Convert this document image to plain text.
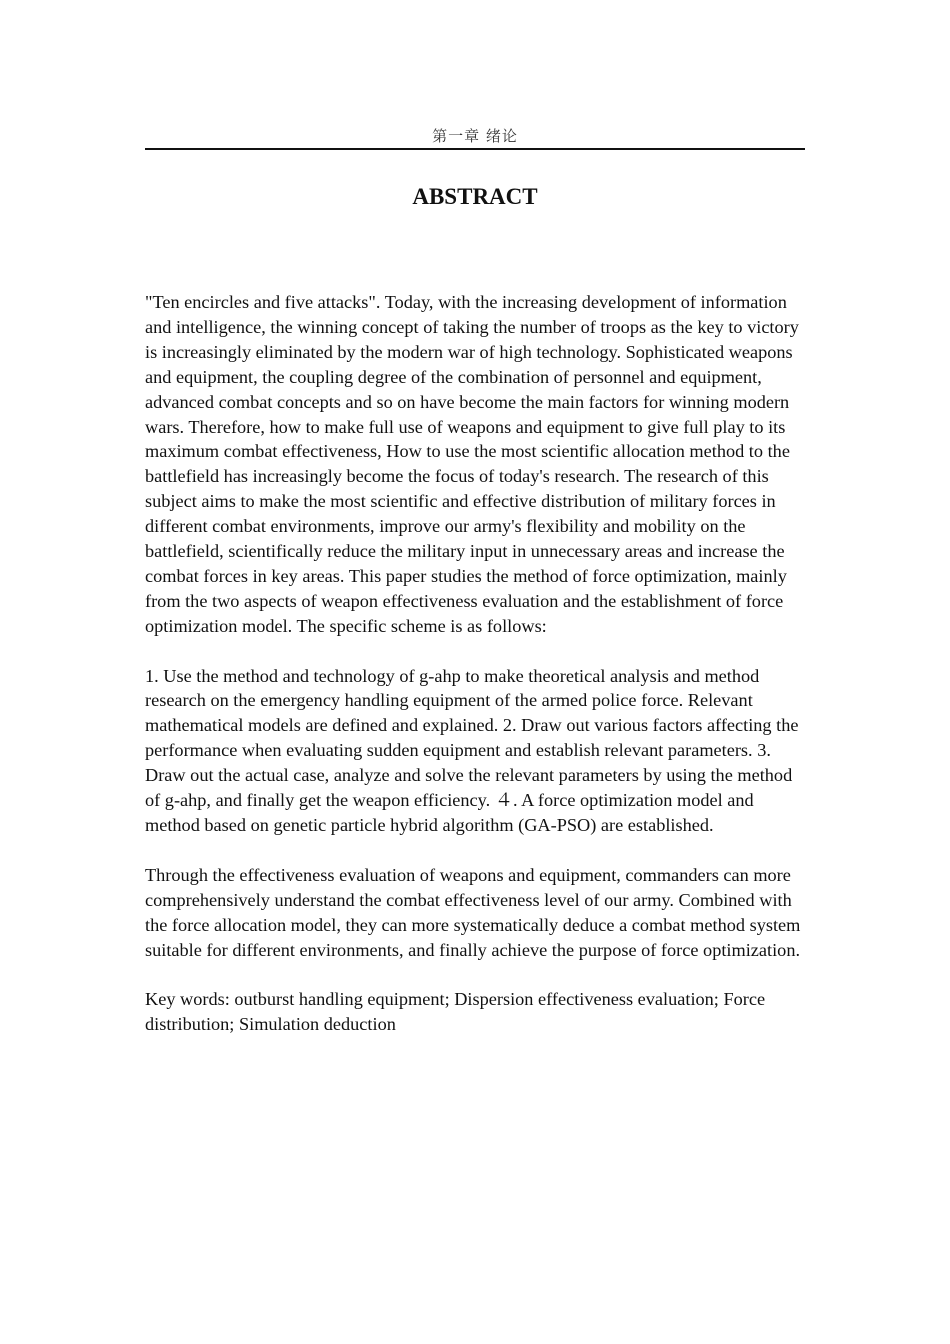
第一章 绪论
ABSTRACT

"Ten encircles and five attacks". Today, with the increasing development of information and intelligence, the winning concept of taking the number of troops as the key to victory is increasingly eliminated by the modern war of high technology. Sophisticated weapons and equipment, the coupling degree of the combination of personnel and equipment, advanced combat concepts and so on have become the main factors for winning modern wars. Therefore, how to make full use of weapons and equipment to give full play to its maximum combat effectiveness, How to use the most scientific allocation method to the battlefield has increasingly become the focus of today's research. The research of this subject aims to make the most scientific and effective distribution of military forces in different combat environments, improve our army's flexibility and mobility on the battlefield, scientifically reduce the military input in unnecessary areas and increase the combat forces in key areas. This paper studies the method of force optimization, mainly from the two aspects of weapon effectiveness evaluation and the establishment of force optimization model. The specific scheme is as follows:

1. Use the method and technology of g-ahp to make theoretical analysis and method research on the emergency handling equipment of the armed police force. Relevant mathematical models are defined and explained. 2. Draw out various factors affecting the performance when evaluating sudden equipment and establish relevant parameters. 3. Draw out the actual case, analyze and solve the relevant parameters by using the method of g-ahp, and finally get the weapon efficiency. ４. A force optimization model and method based on genetic particle hybrid algorithm (GA-PSO) are established.

Through the effectiveness evaluation of weapons and equipment, commanders can more comprehensively understand the combat effectiveness level of our army. Combined with the force allocation model, they can more systematically deduce a combat method system suitable for different environments, and finally achieve the purpose of force optimization.

Key words: outburst handling equipment; Dispersion effectiveness evaluation; Force distribution; Simulation deduction
